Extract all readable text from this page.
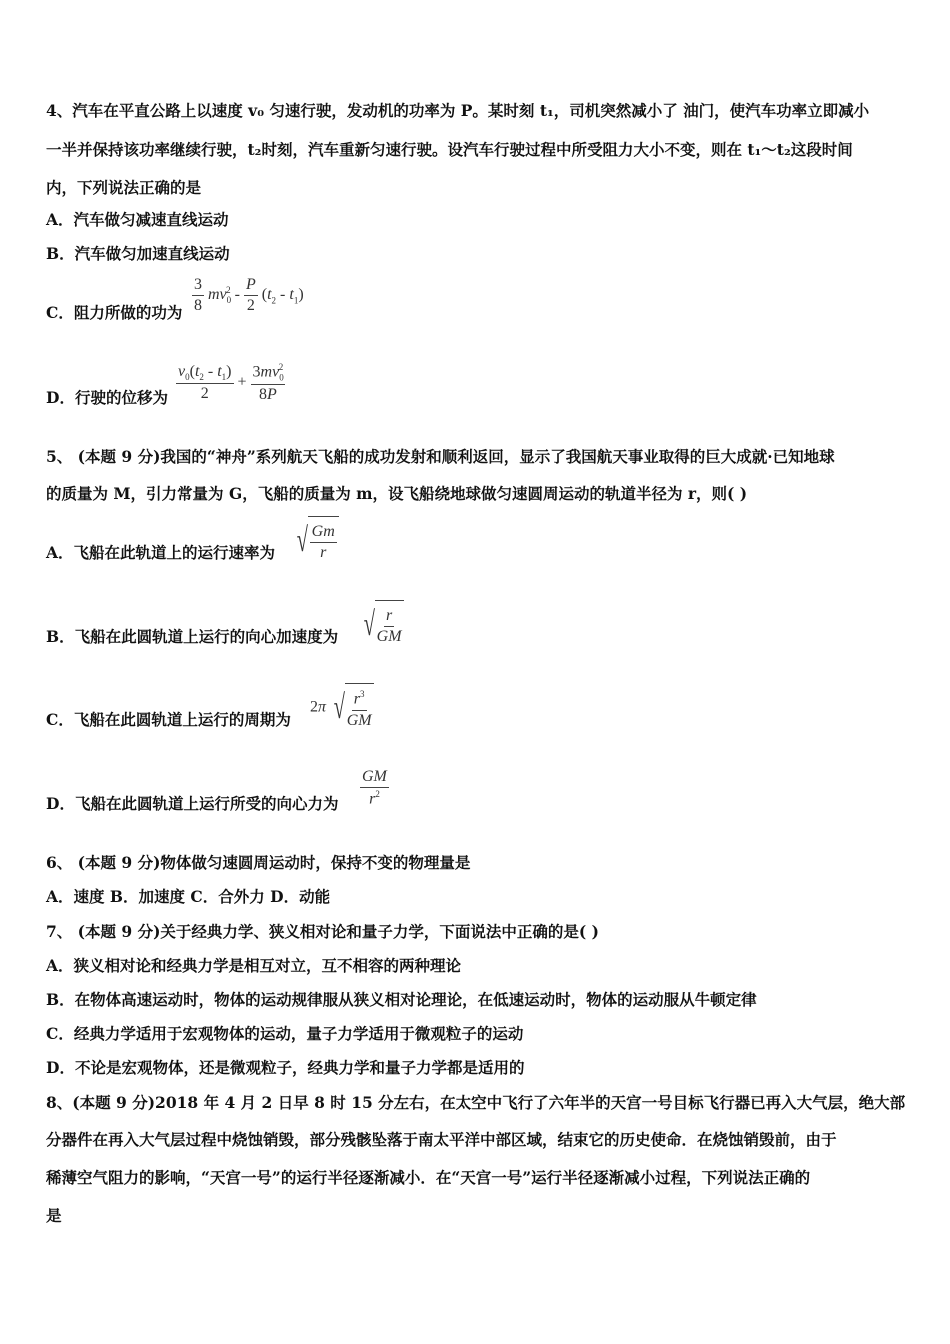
4、汽车在平直公路上以速度 v₀ 匀速行驶，发动机的功率为 P。某时刻 t₁，司机突然减小了 油门，使汽车功率立即减小
一半并保持该功率继续行驶，t₂时刻，汽车重新匀速行驶。设汽车行驶过程中所受阻力大小不变，则在 t₁～t₂这段时间
内，下列说法正确的是
A．汽车做匀减速直线运动
B．汽车做匀加速直线运动
C．阻力所做的功为 $\frac{3}{8} mv_0^2 - \frac{P}{2} (t_2 - t_1)$
D．行驶的位移为 $\frac{v_0(t_2 - t_1)}{2} + \frac{3mv_0^2}{8P}$
5、 (本题 9 分)我国的“神舟”系列航天飞船的成功发射和顺利返回，显示了我国航天事业取得的巨大成就·已知地球
的质量为 M，引力常量为 G，飞船的质量为 m，设飞船绕地球做匀速圆周运动的轨道半径为 r，则( )
A．飞船在此轨道上的运行速率为 √ $\frac{Gm}{r}$
B．飞船在此圆轨道上运行的向心加速度为 √ $\frac{r}{GM}$
C．飞船在此圆轨道上运行的周期为
2π √ $\frac{r^3}{GM}$
D．飞船在此圆轨道上运行所受的向心力为 $\frac{GM}{r^2}$
6、 (本题 9 分)物体做匀速圆周运动时，保持不变的物理量是
A．速度 B．加速度 C．合外力 D．动能
7、 (本题 9 分)关于经典力学、狭义相对论和量子力学，下面说法中正确的是( )
A．狭义相对论和经典力学是相互对立，互不相容的两种理论
B．在物体高速运动时，物体的运动规律服从狭义相对论理论，在低速运动时，物体的运动服从牛顿定律
C．经典力学适用于宏观物体的运动，量子力学适用于微观粒子的运动
D．不论是宏观物体，还是微观粒子，经典力学和量子力学都是适用的
8、(本题 9 分)2018 年 4 月 2 日早 8 时 15 分左右，在太空中飞行了六年半的天宫一号目标飞行器已再入大气层，绝大部
分器件在再入大气层过程中烧蚀销毁，部分残骸坠落于南太平洋中部区域，结束它的历史使命．在烧蚀销毁前，由于
稀薄空气阻力的影响，“天宫一号”的运行半径逐渐减小．在“天宫一号”运行半径逐渐减小过程，下列说法正确的
是
